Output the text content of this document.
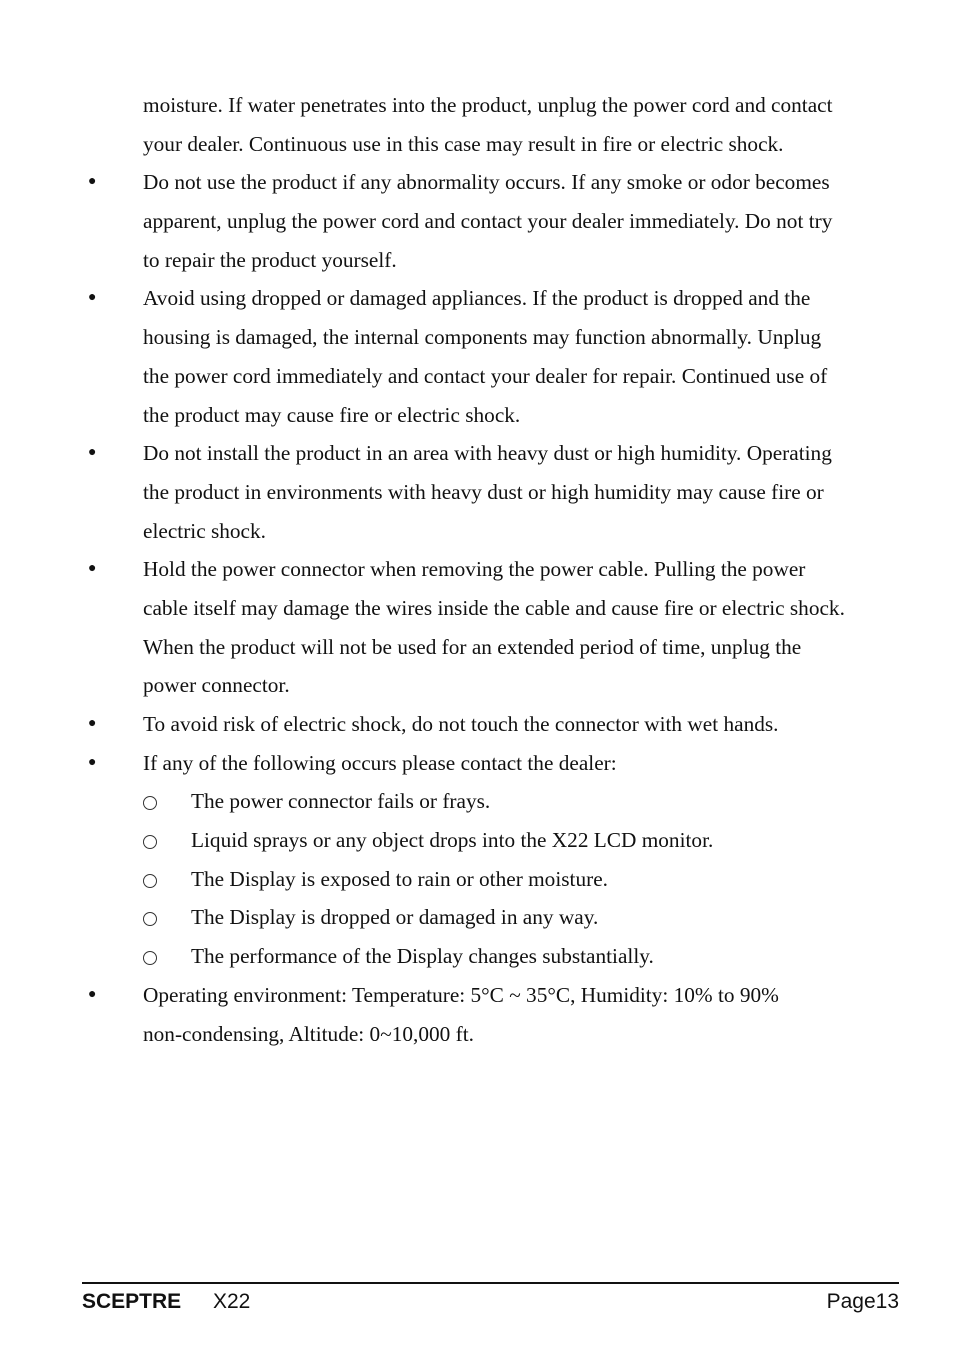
moisture. If water penetrates into the product, unplug the power cord and contact
your dealer. Continuous use in this case may result in fire or electric shock.
● Do not use the product if any abnormality occurs. If any smoke or odor becomes
apparent, unplug the power cord and contact your dealer immediately. Do not try
to repair the product yourself.
● Avoid using dropped or damaged appliances. If the product is dropped and the
housing is damaged, the internal components may function abnormally. Unplug
the power cord immediately and contact your dealer for repair. Continued use of
the product may cause fire or electric shock.
● Do not install the product in an area with heavy dust or high humidity. Operating
the product in environments with heavy dust or high humidity may cause fire or
electric shock.
● Hold the power connector when removing the power cable. Pulling the power
cable itself may damage the wires inside the cable and cause fire or electric shock.
When the product will not be used for an extended period of time, unplug the
power connector.
● To avoid risk of electric shock, do not touch the connector with wet hands.
● If any of the following occurs please contact the dealer:
The power connector fails or frays.
Liquid sprays or any object drops into the X22 LCD monitor.
The Display is exposed to rain or other moisture.
The Display is dropped or damaged in any way.
The performance of the Display changes substantially.
● Operating environment: Temperature: 5°C ~ 35°C, Humidity: 10% to 90%
non-condensing, Altitude: 0~10,000 ft.
SCEPTRE X22	Page13
